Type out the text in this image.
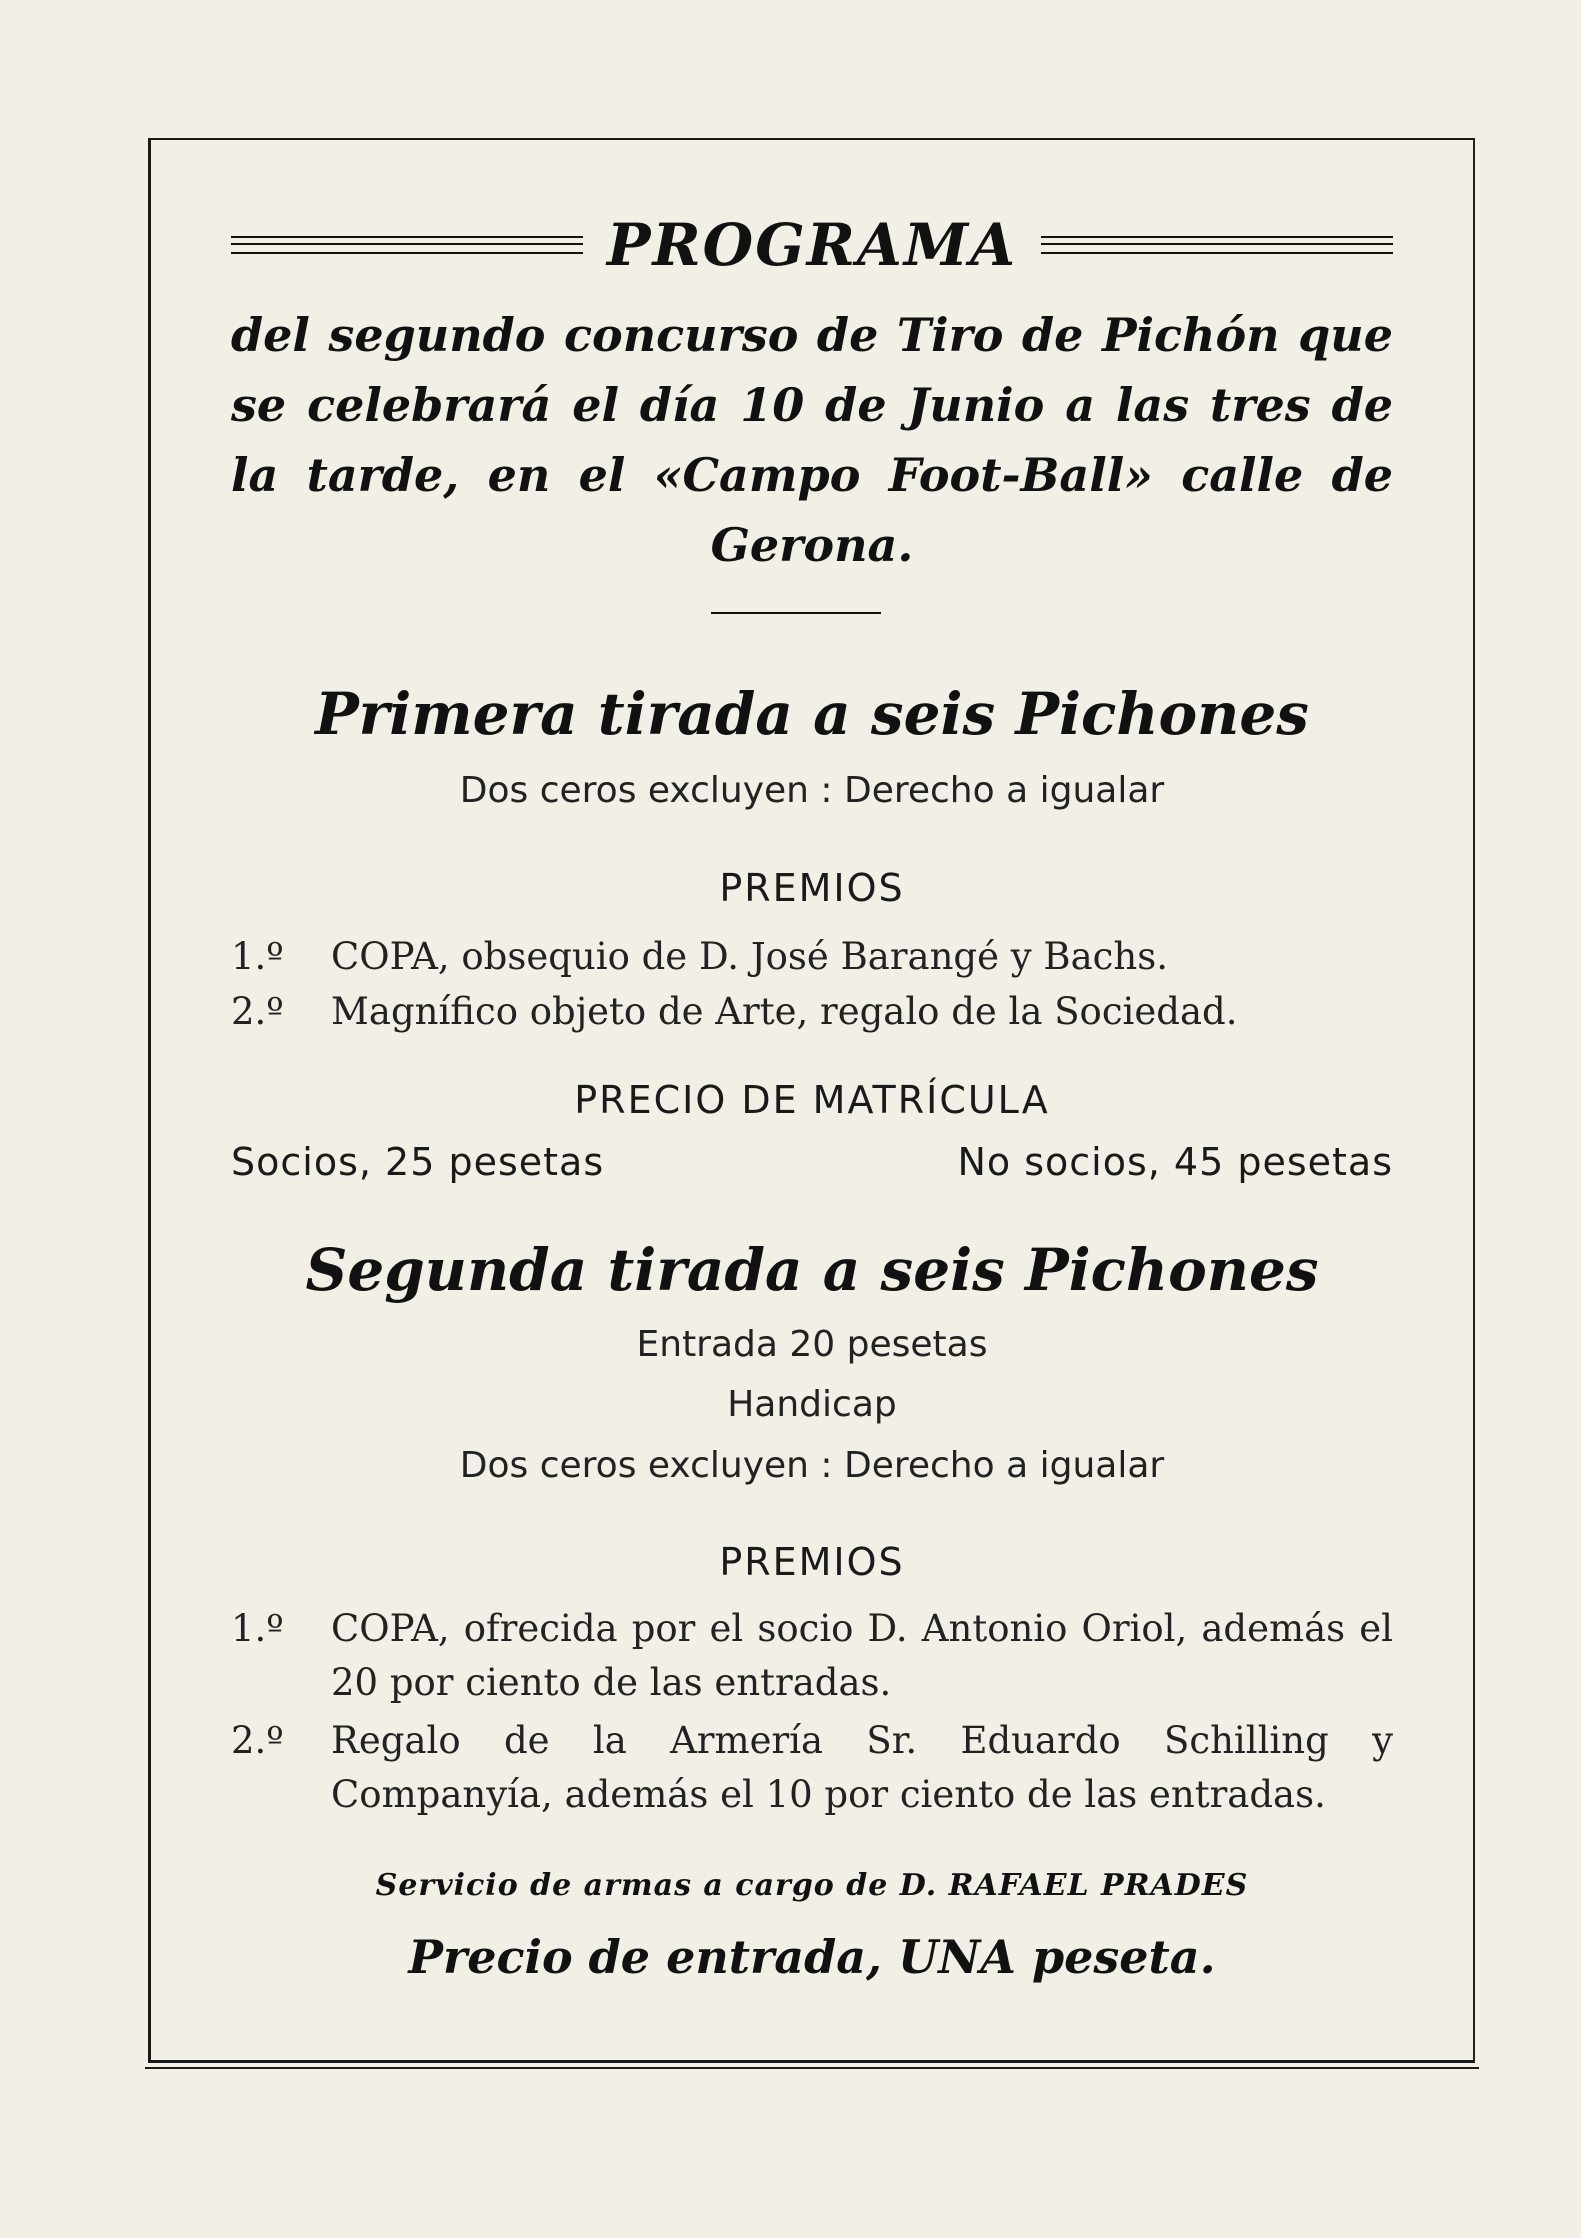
PROGRAMA
del segundo concurso de Tiro de Pichón que se celebrará el día 10 de Junio a las tres de la tarde, en el «Campo Foot-Ball» calle de Gerona.
Primera tirada a seis Pichones
Dos ceros excluyen : Derecho a igualar
PREMIOS
1.º	COPA, obsequio de D. José Barangé y Bachs.
2.º	Magnífico objeto de Arte, regalo de la Sociedad.
PRECIO DE MATRÍCULA
Socios, 25 pesetas	No socios, 45 pesetas
Segunda tirada a seis Pichones
Entrada 20 pesetas
Handicap
Dos ceros excluyen : Derecho a igualar
PREMIOS
1.º	COPA, ofrecida por el socio D. Antonio Oriol, además el 20 por ciento de las entradas.
2.º	Regalo de la Armería Sr. Eduardo Schilling y Companyía, además el 10 por ciento de las entradas.
Servicio de armas a cargo de D. RAFAEL PRADES
Precio de entrada, UNA peseta.
